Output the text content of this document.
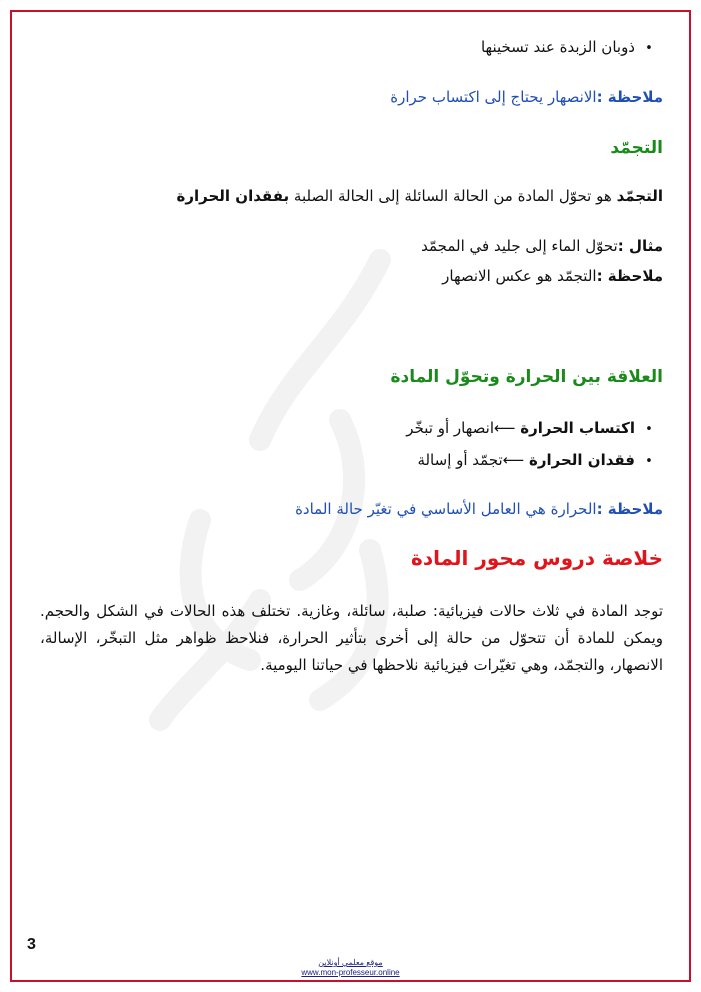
•ذوبان الزبدة عند تسخينها
ملاحظة :الانصهار يحتاج إلى اكتساب حرارة
التجمّد
التجمّد هو تحوّل المادة من الحالة السائلة إلى الحالة الصلبة بفقدان الحرارة
مثال :تحوّل الماء إلى جليد في المجمّد
ملاحظة :التجمّد هو عكس الانصهار
العلاقة بين الحرارة وتحوّل المادة
•اكتساب الحرارة ⟵انصهار أو تبخّر
•فقدان الحرارة ⟵تجمّد أو إسالة
ملاحظة :الحرارة هي العامل الأساسي في تغيّر حالة المادة
خلاصة دروس محور المادة
توجد المادة في ثلاث حالات فيزيائية: صلبة، سائلة، وغازية. تختلف هذه الحالات في الشكل والحجم. ويمكن للمادة أن تتحوّل من حالة إلى أخرى بتأثير الحرارة، فنلاحظ ظواهر مثل التبخّر، الإسالة، الانصهار، والتجمّد، وهي تغيّرات فيزيائية نلاحظها في حياتنا اليومية.
3
موقع معلمي أونلاين
www.mon-professeur.online
